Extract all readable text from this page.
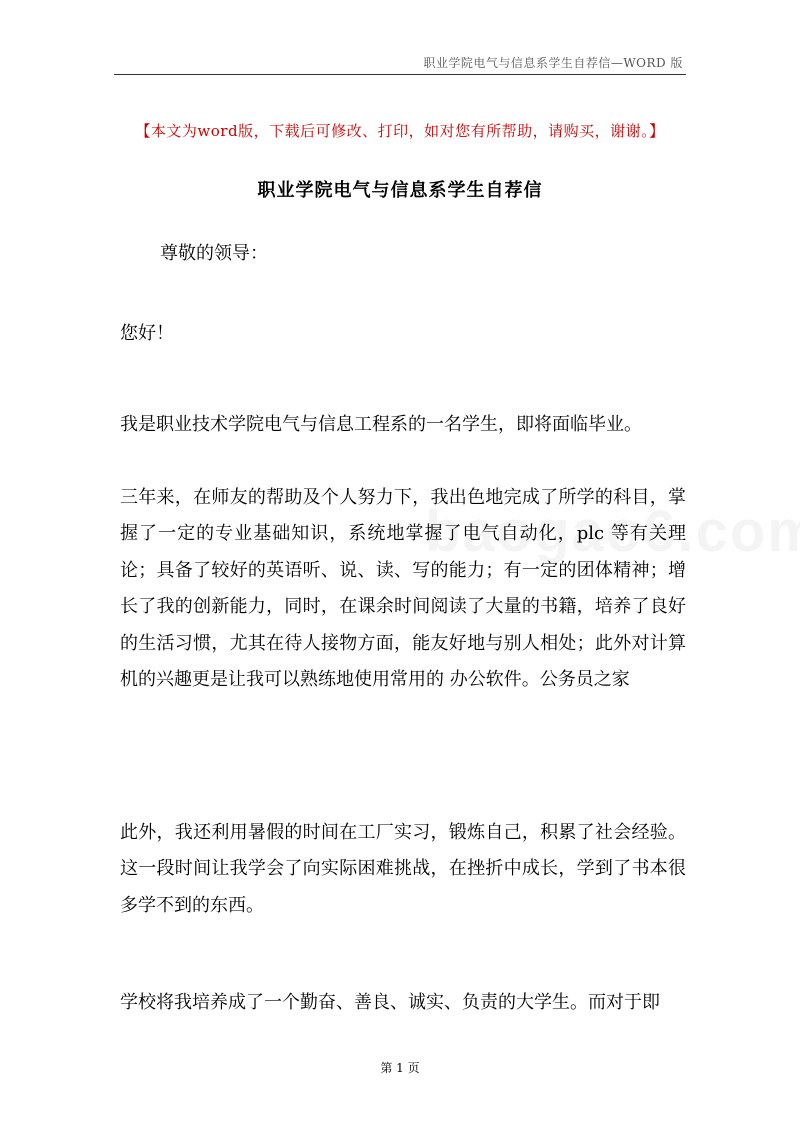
职业学院电气与信息系学生自荐信—WORD 版
【本文为word版，下载后可修改、打印，如对您有所帮助，请购买，谢谢。】
职业学院电气与信息系学生自荐信

尊敬的领导：

您好！

我是职业技术学院电气与信息工程系的一名学生，即将面临毕业。

三年来，在师友的帮助及个人努力下，我出色地完成了所学的科目，掌握了一定的专业基础知识，系统地掌握了电气自动化，plc 等有关理论；具备了较好的英语听、说、读、写的能力；有一定的团体精神；增长了我的创新能力，同时，在课余时间阅读了大量的书籍，培养了良好的生活习惯，尤其在待人接物方面，能友好地与别人相处；此外对计算机的兴趣更是让我可以熟练地使用常用的 办公软件。公务员之家

此外，我还利用暑假的时间在工厂实习，锻炼自己，积累了社会经验。这一段时间让我学会了向实际困难挑战，在挫折中成长，学到了书本很多学不到的东西。

学校将我培养成了一个勤奋、善良、诚实、负责的大学生。而对于即

第 1 页
